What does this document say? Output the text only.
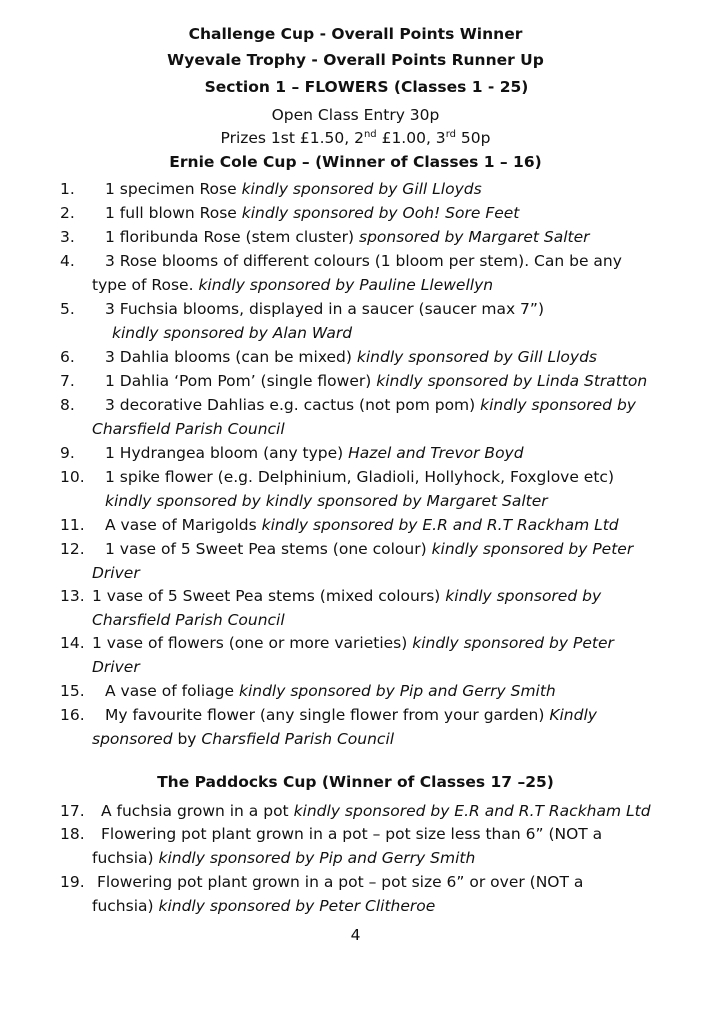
Challenge Cup - Overall Points Winner
Wyevale Trophy - Overall Points Runner Up
Section 1 – FLOWERS (Classes 1 - 25)
Open Class Entry 30p
Prizes 1st £1.50, 2nd £1.00, 3rd 50p
Ernie Cole Cup – (Winner of Classes 1 – 16)
1. 1 specimen Rose kindly sponsored by Gill Lloyds
2. 1 full blown Rose kindly sponsored by Ooh! Sore Feet
3. 1 floribunda Rose (stem cluster) sponsored by Margaret Salter
4. 3 Rose blooms of different colours (1 bloom per stem). Can be any
type of Rose. kindly sponsored by Pauline Llewellyn
5. 3 Fuchsia blooms, displayed in a saucer (saucer max 7”)
kindly sponsored by Alan Ward
6. 3 Dahlia blooms (can be mixed) kindly sponsored by Gill Lloyds
7. 1 Dahlia ‘Pom Pom’ (single flower) kindly sponsored by Linda Stratton
8. 3 decorative Dahlias e.g. cactus (not pom pom) kindly sponsored by
Charsfield Parish Council
9. 1 Hydrangea bloom (any type) Hazel and Trevor Boyd
10. 1 spike flower (e.g. Delphinium, Gladioli, Hollyhock, Foxglove etc)
kindly sponsored by kindly sponsored by Margaret Salter
11. A vase of Marigolds kindly sponsored by E.R and R.T Rackham Ltd
12. 1 vase of 5 Sweet Pea stems (one colour) kindly sponsored by Peter
Driver
13. 1 vase of 5 Sweet Pea stems (mixed colours) kindly sponsored by
Charsfield Parish Council
14. 1 vase of flowers (one or more varieties) kindly sponsored by Peter
Driver
15. A vase of foliage kindly sponsored by Pip and Gerry Smith
16. My favourite flower (any single flower from your garden) Kindly
sponsored by Charsfield Parish Council
The Paddocks Cup (Winner of Classes 17 –25)
17. A fuchsia grown in a pot kindly sponsored by E.R and R.T Rackham Ltd
18. Flowering pot plant grown in a pot – pot size less than 6” (NOT a
fuchsia) kindly sponsored by Pip and Gerry Smith
19. Flowering pot plant grown in a pot – pot size 6” or over (NOT a
fuchsia) kindly sponsored by Peter Clitheroe
4
